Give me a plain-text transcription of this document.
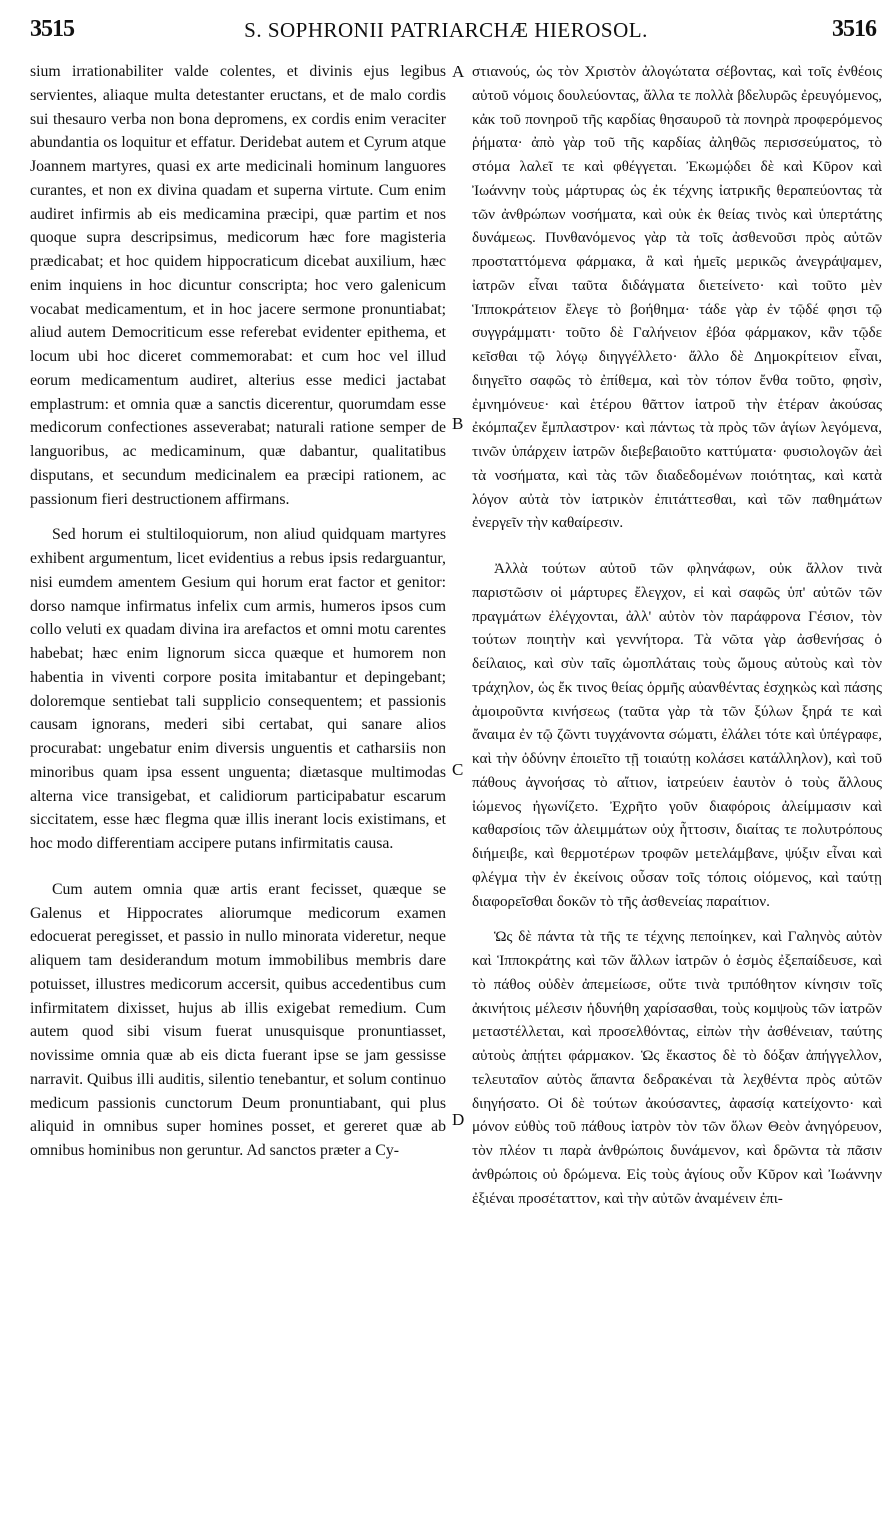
3515	S. SOPHRONII PATRIARCHÆ HIEROSOL.	3516

sium irrationabiliter valde colentes, et divinis ejus legibus servientes, aliaque multa detestanter eructans, et de malo cordis sui thesauro verba non bona depromens, ex cordis enim veraciter abundantia os loquitur et effatur. Deridebat autem et Cyrum atque Joannem martyres, quasi ex arte medicinali hominum languores curantes, et non ex divina quadam et superna virtute. Cum enim audiret infirmis ab eis medicamina præcipi, quæ partim et nos quoque supra descripsimus, medicorum hæc fore magisteria prædicabat; et hoc quidem hippocraticum dicebat auxilium, hæc enim inquiens in hoc dicuntur conscripta; hoc vero galenicum vocabat medicamentum, et in hoc jacere sermone pronuntiabat; aliud autem Democriticum esse referebat evidenter epithema, et locum ubi hoc diceret commemorabat: et cum hoc vel illud eorum medicamentum audiret, alterius esse medici jactabat emplastrum: et omnia quæ a sanctis dicerentur, quorumdam esse medicorum confectiones asseverabat; naturali ratione semper de languoribus, ac medicaminum, quæ dabantur, qualitatibus disputans, et secundum medicinalem ea præcipi rationem, ac passionum fieri destructionem affirmans.

Sed horum ei stultiloquiorum, non aliud quidquam martyres exhibent argumentum, licet evidentius a rebus ipsis redarguantur, nisi eumdem amentem Gesium qui horum erat factor et genitor: dorso namque infirmatus infelix cum armis, humeros ipsos cum collo veluti ex quadam divina ira arefactos et omni motu carentes habebat; hæc enim lignorum sicca quæque et humorem non habentia in viventi corpore posita imitabantur et depingebant; doloremque sentiebat tali supplicio consequentem; et passionis causam ignorans, mederi sibi certabat, qui sanare alios procurabat: ungebatur enim diversis unguentis et catharsiis non minoribus quam ipsa essent unguenta; diætasque multimodas alterna vice transigebat, et calidiorum participabatur escarum siccitatem, esse hæc flegma quæ illis inerant locis existimans, et hoc modo differentiam accipere putans infirmitatis causa.

Cum autem omnia quæ artis erant fecisset, quæque se Galenus et Hippocrates aliorumque medicorum examen edocuerat peregisset, et passio in nullo minorata videretur, neque aliquem tam desiderandum motum immobilibus membris dare potuisset, illustres medicorum accersit, quibus accedentibus cum infirmitatem dixisset, hujus ab illis exigebat remedium. Cum autem quod sibi visum fuerat unusquisque pronuntiasset, novissime omnia quæ ab eis dicta fuerant ipse se jam gessisse narravit. Quibus illi auditis, silentio tenebantur, et solum continuo medicum passionis cunctorum Deum pronuntiabant, qui plus aliquid in omnibus super homines posset, et gereret quæ ab omnibus hominibus non geruntur. Ad sanctos præter a Cy-

A
B
C
D

στιανούς, ὡς τὸν Χριστὸν ἀλογώτατα σέβοντας, καὶ τοῖς ἐνθέοις αὐτοῦ νόμοις δουλεύοντας, ἄλλα τε πολλὰ βδελυρῶς ἐρευγόμενος, κἀκ τοῦ πονηροῦ τῆς καρδίας θησαυροῦ τὰ πονηρὰ προφερόμενος ῥήματα· ἀπὸ γὰρ τοῦ τῆς καρδίας ἀληθῶς περισσεύματος, τὸ στόμα λαλεῖ τε καὶ φθέγγεται. Ἐκωμῴδει δὲ καὶ Κῦρον καὶ Ἰωάννην τοὺς μάρτυρας ὡς ἐκ τέχνης ἰατρικῆς θεραπεύοντας τὰ τῶν ἀνθρώπων νοσήματα, καὶ οὐκ ἐκ θείας τινὸς καὶ ὑπερτάτης δυνάμεως. Πυνθανόμενος γὰρ τὰ τοῖς ἀσθενοῦσι πρὸς αὐτῶν προσταττόμενα φάρμακα, ἃ καὶ ἡμεῖς μερικῶς ἀνεγράψαμεν, ἰατρῶν εἶναι ταῦτα διδάγματα διετείνετο· καὶ τοῦτο μὲν Ἱπποκράτειον ἔλεγε τὸ βοήθημα· τάδε γὰρ ἐν τῷδέ φησι τῷ συγγράμματι· τοῦτο δὲ Γαλήνειον ἐβόα φάρμακον, κἂν τῷδε κεῖσθαι τῷ λόγῳ διηγγέλλετο· ἄλλο δὲ Δημοκρίτειον εἶναι, διηγεῖτο σαφῶς τὸ ἐπίθεμα, καὶ τὸν τόπον ἔνθα τοῦτο, φησὶν, ἐμνημόνευε· καὶ ἑτέρου θᾶττον ἰατροῦ τὴν ἑτέραν ἀκούσας ἐκόμπαζεν ἔμπλαστρον· καὶ πάντως τὰ πρὸς τῶν ἁγίων λεγόμενα, τινῶν ὑπάρχειν ἰατρῶν διεβεβαιοῦτο καττύματα· φυσιολογῶν ἀεὶ τὰ νοσήματα, καὶ τὰς τῶν διαδεδομένων ποιότητας, καὶ κατὰ λόγον αὐτὰ τὸν ἰατρικὸν ἐπιτάττεσθαι, καὶ τῶν παθημάτων ἐνεργεῖν τὴν καθαίρεσιν.

Ἀλλὰ τούτων αὐτοῦ τῶν φληνάφων, οὐκ ἄλλον τινὰ παριστῶσιν οἱ μάρτυρες ἔλεγχον, εἰ καὶ σαφῶς ὑπ' αὐτῶν τῶν πραγμάτων ἐλέγχονται, ἀλλ' αὐτὸν τὸν παράφρονα Γέσιον, τὸν τούτων ποιητὴν καὶ γεννήτορα. Τὰ νῶτα γὰρ ἀσθενήσας ὁ δείλαιος, καὶ σὺν ταῖς ὠμοπλάταις τοὺς ὤμους αὐτοὺς καὶ τὸν τράχηλον, ὡς ἔκ τινος θείας ὁρμῆς αὐανθέντας ἐσχηκὼς καὶ πάσης ἀμοιροῦντα κινήσεως (ταῦτα γὰρ τὰ τῶν ξύλων ξηρά τε καὶ ἄναιμα ἐν τῷ ζῶντι τυγχάνοντα σώματι, ἐλάλει τότε καὶ ὑπέγραφε, καὶ τὴν ὀδύνην ἐποιεῖτο τῇ τοιαύτῃ κολάσει κατάλληλον), καὶ τοῦ πάθους ἀγνοήσας τὸ αἴτιον, ἰατρεύειν ἑαυτὸν ὁ τοὺς ἄλλους ἰώμενος ἠγωνίζετο. Ἐχρῆτο γοῦν διαφόροις ἀλείμμασιν καὶ καθαρσίοις τῶν ἀλειμμάτων οὐχ ἧττοσιν, διαίτας τε πολυτρόπους διήμειβε, καὶ θερμοτέρων τροφῶν μετελάμβανε, ψύξιν εἶναι καὶ φλέγμα τὴν ἐν ἐκείνοις οὖσαν τοῖς τόποις οἰόμενος, καὶ ταύτῃ διαφορεῖσθαι δοκῶν τὸ τῆς ἀσθενείας παραίτιον.

Ὡς δὲ πάντα τὰ τῆς τε τέχνης πεποίηκεν, καὶ Γαληνὸς αὐτὸν καὶ Ἱπποκράτης καὶ τῶν ἄλλων ἰατρῶν ὁ ἑσμὸς ἐξεπαίδευσε, καὶ τὸ πάθος οὐδὲν ἀπεμείωσε, οὔτε τινὰ τριπόθητον κίνησιν τοῖς ἀκινήτοις μέλεσιν ἠδυνήθη χαρίσασθαι, τοὺς κομψοὺς τῶν ἰατρῶν μεταστέλλεται, καὶ προσελθόντας, εἰπὼν τὴν ἀσθένειαν, ταύτης αὐτοὺς ἀπῄτει φάρμακον. Ὡς ἕκαστος δὲ τὸ δόξαν ἀπήγγελλον, τελευταῖον αὐτὸς ἅπαντα δεδρακέναι τὰ λεχθέντα πρὸς αὐτῶν διηγήσατο. Οἱ δὲ τούτων ἀκούσαντες, ἀφασίᾳ κατείχοντο· καὶ μόνον εὐθὺς τοῦ πάθους ἰατρὸν τὸν τῶν ὅλων Θεὸν ἀνηγόρευον, τὸν πλέον τι παρὰ ἀνθρώποις δυνάμενον, καὶ δρῶντα τὰ πᾶσιν ἀνθρώποις οὐ δρώμενα. Εἰς τοὺς ἁγίους οὖν Κῦρον καὶ Ἰωάννην ἐξιέναι προσέταττον, καὶ τὴν αὐτῶν ἀναμένειν ἐπι-
